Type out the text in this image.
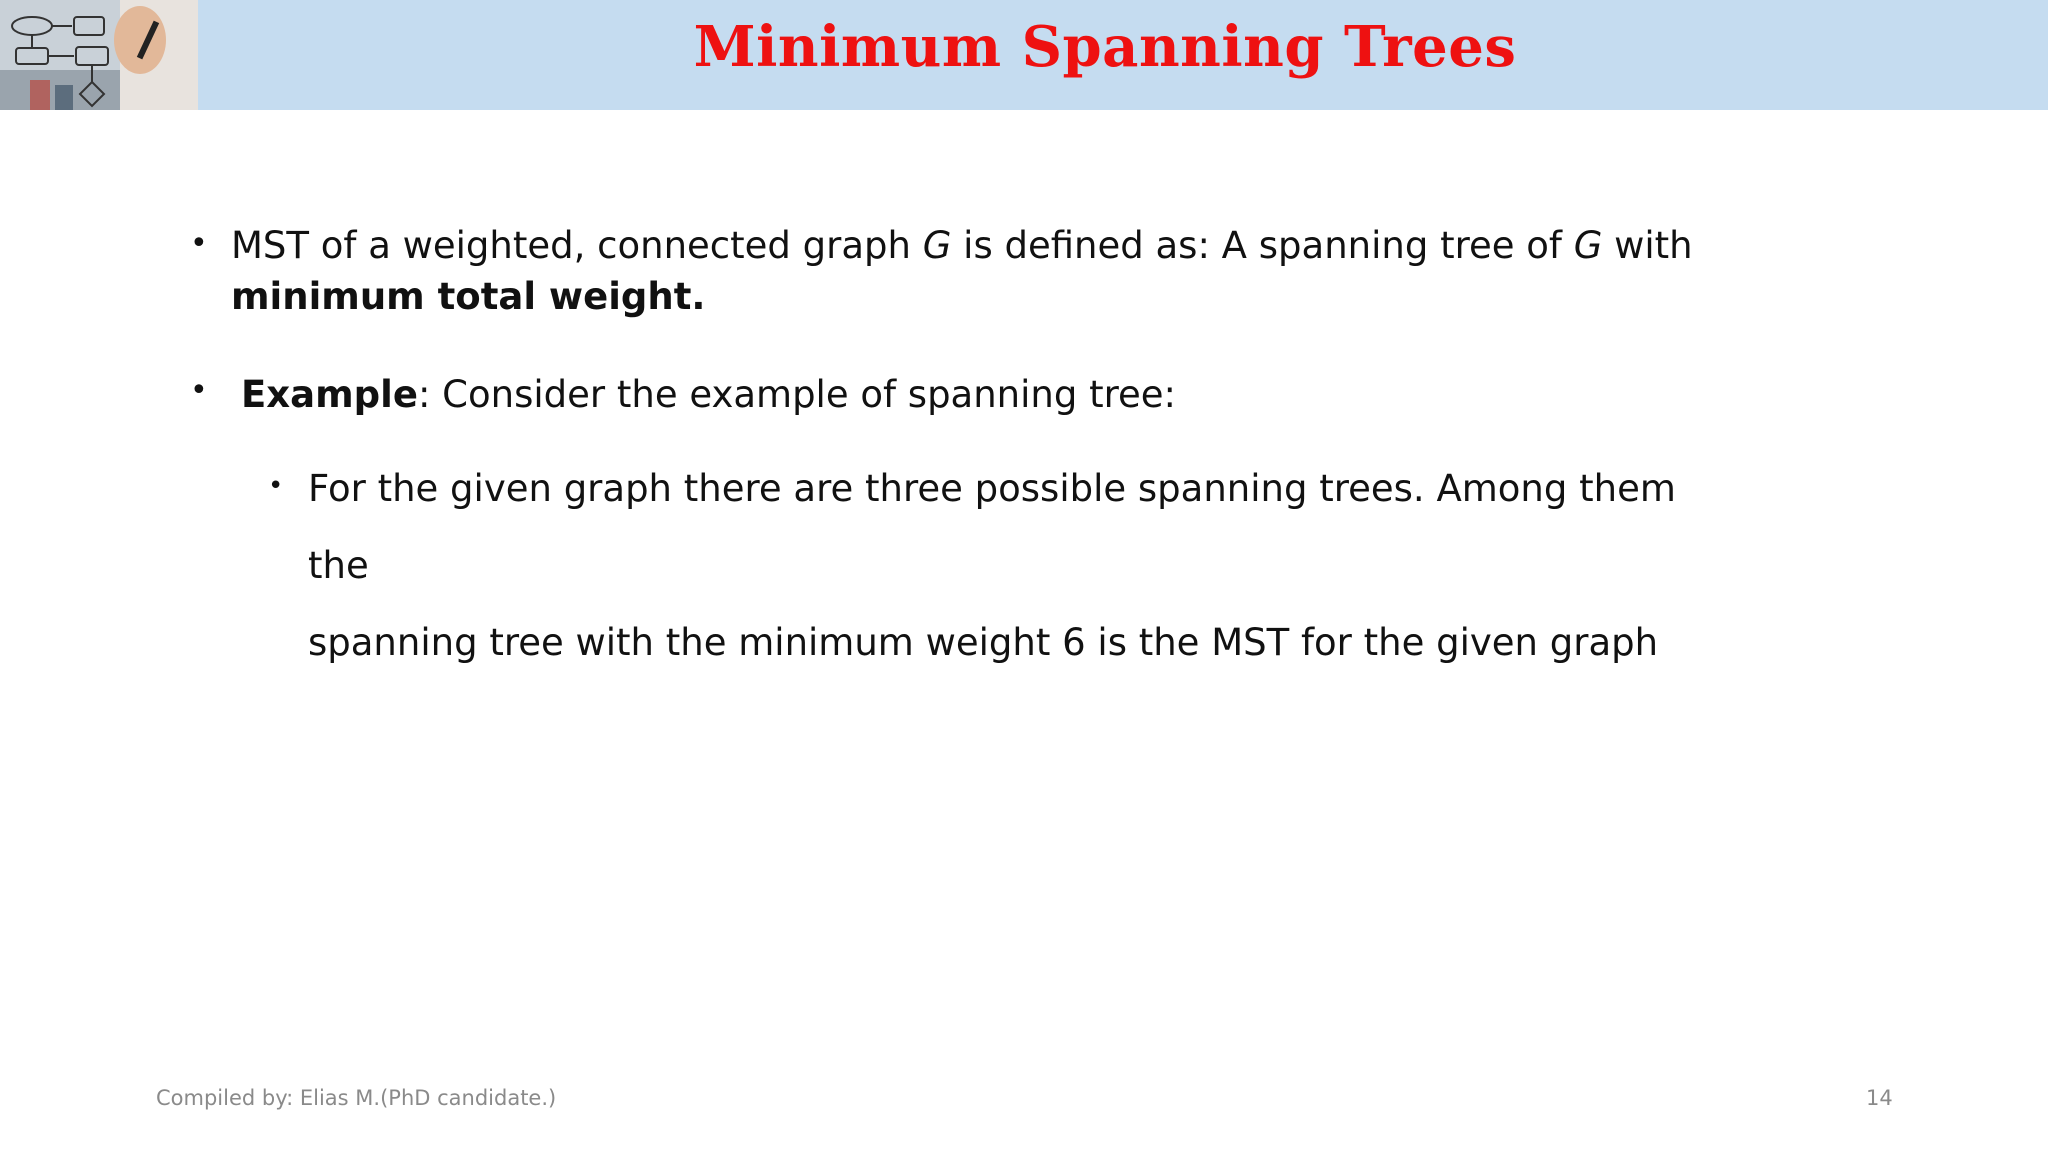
Minimum Spanning Trees
• MST of a weighted, connected graph G is defined as: A spanning tree of G with
minimum total weight.
• Example: Consider the example of spanning tree:
• For the given graph there are three possible spanning trees. Among them the
spanning tree with the minimum weight 6 is the MST for the given graph
Compiled by: Elias M.(PhD candidate.)	14
